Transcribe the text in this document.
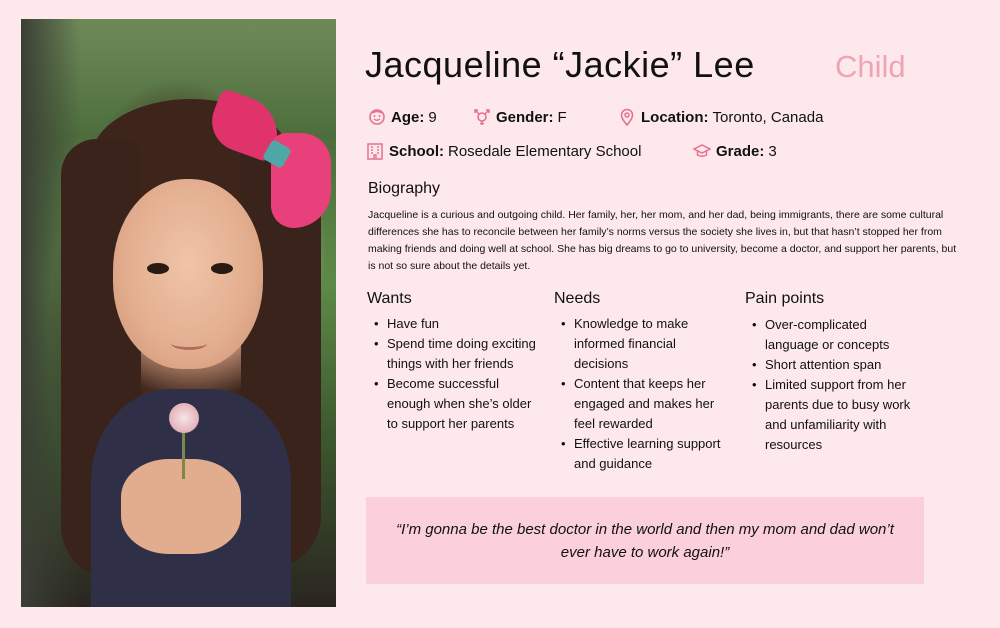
Jacqueline “Jackie” Lee	Child
Age: 9	Gender: F	Location: Toronto, Canada
School: Rosedale Elementary School	Grade: 3
Biography

Jacqueline is a curious and outgoing child. Her family, her, her mom, and her dad, being immigrants, there are some cultural differences she has to reconcile between her family’s norms versus the society she lives in, but that hasn’t stopped her from making friends and doing well at school. She has big dreams to go to university, become a doctor, and support her parents, but is not so sure about the details yet.

Wants
• Have fun
• Spend time doing exciting things with her friends
• Become successful enough when she’s older to support her parents
Needs
• Knowledge to make informed financial decisions
• Content that keeps her engaged and makes her feel rewarded
• Effective learning support and guidance
Pain points
• Over-complicated language or concepts
• Short attention span
• Limited support from her parents due to busy work and unfamiliarity with resources
“I’m gonna be the best doctor in the world and then my mom and dad won’t ever have to work again!”
